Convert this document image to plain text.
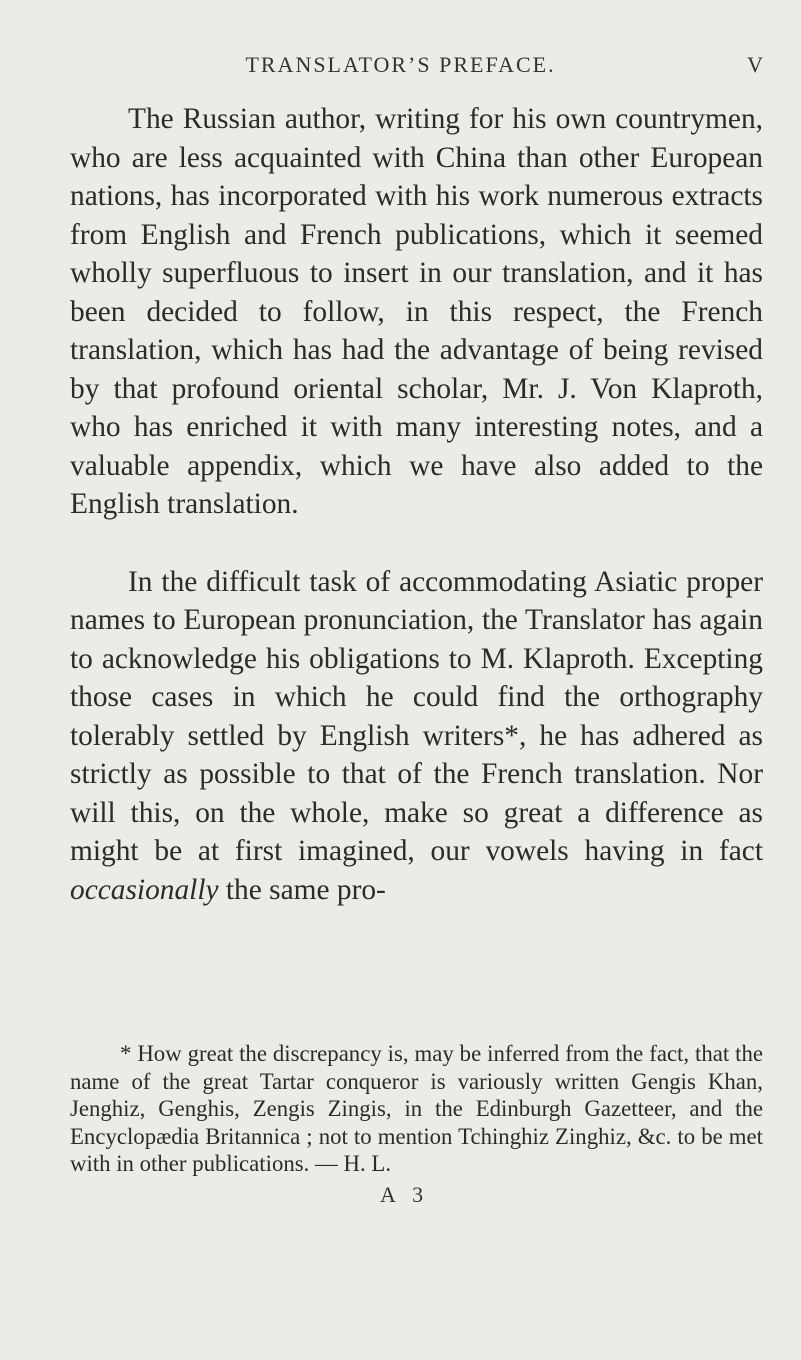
TRANSLATOR’S PREFACE.	V

The Russian author, writing for his own countrymen, who are less acquainted with China than other European nations, has incorporated with his work numerous extracts from English and French publications, which it seemed wholly superfluous to insert in our translation, and it has been decided to follow, in this respect, the French translation, which has had the advantage of being revised by that profound oriental scholar, Mr. J. Von Klaproth, who has enriched it with many interesting notes, and a valuable appendix, which we have also added to the English translation.

In the difficult task of accommodating Asiatic proper names to European pronunciation, the Translator has again to acknowledge his obligations to M. Klaproth. Excepting those cases in which he could find the orthography tolerably settled by English writers*, he has adhered as strictly as possible to that of the French translation. Nor will this, on the whole, make so great a difference as might be at first imagined, our vowels having in fact occasionally the same pro-

* How great the discrepancy is, may be inferred from the fact, that the name of the great Tartar conqueror is variously written Gengis Khan, Jenghiz, Genghis, Zengis Zingis, in the Edinburgh Gazetteer, and the Encyclopædia Britannica ; not to mention Tchinghiz Zinghiz, &c. to be met with in other publications. — H. L.

A 3
